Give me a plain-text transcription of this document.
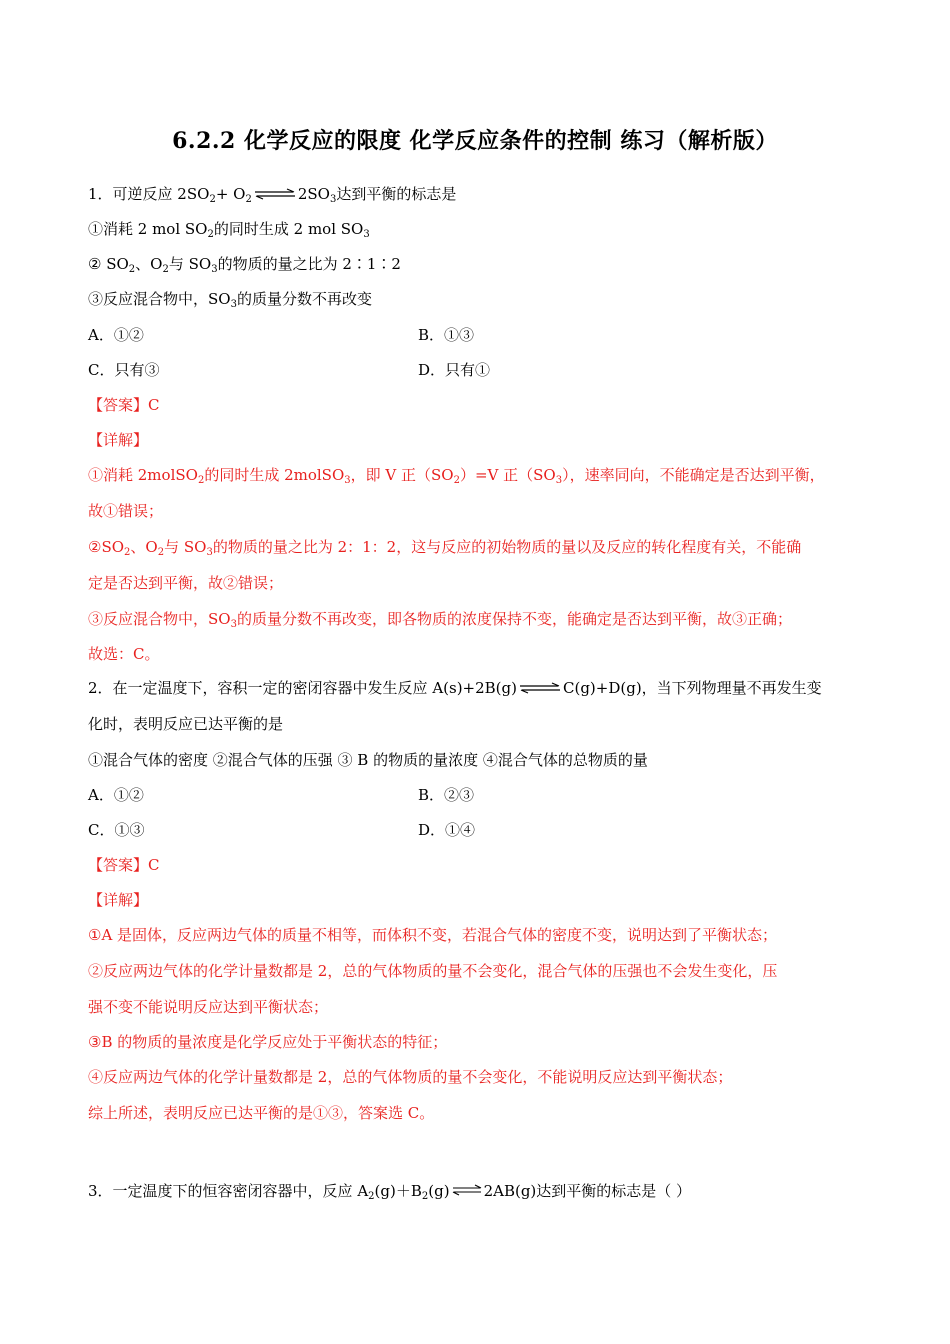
6.2.2 化学反应的限度 化学反应条件的控制 练习（解析版）
1．可逆反应 $2SO_2+$ $O_2\rightleftharpoons 2SO_3$达到平衡的标志是
①消耗 2 mol $SO_2$的同时生成 2 mol $SO_3$
② $SO_2$、$O_2$与 $SO_3$的物质的量之比为 2∶1∶2
③反应混合物中，$SO_3$的质量分数不再改变
A．①②	B．①③
C．只有③	D．只有①
【答案】C
【详解】
①消耗 2molSO$_2$的同时生成 2molSO$_3$，即 V 正$(SO_2)=V$ 正$(SO_3)$，速率同向，不能确定是否达到平衡，
故①错误；
$②SO_2$、$O_2$与 $SO_3$的物质的量之比为 2：1：2，这与反应的初始物质的量以及反应的转化程度有关，不能确
定是否达到平衡，故②错误；
③反应混合物中，$SO_3$的质量分数不再改变，即各物质的浓度保持不变，能确定是否达到平衡，故③正确；
故选：C。
2．在一定温度下，容积一定的密闭容器中发生反应 A(s)+2B(g)⇌C(g)+D(g)，当下列物理量不再发生变
化时，表明反应已达平衡的是
①混合气体的密度 ②混合气体的压强 ③ B 的物质的量浓度 ④混合气体的总物质的量
A．①②	B．②③
C．①③	D．①④
【答案】C
【详解】
①A 是固体，反应两边气体的质量不相等，而体积不变，若混合气体的密度不变，说明达到了平衡状态；
②反应两边气体的化学计量数都是 2，总的气体物质的量不会变化，混合气体的压强也不会发生变化，压
强不变不能说明反应达到平衡状态；
③B 的物质的量浓度是化学反应处于平衡状态的特征；
④反应两边气体的化学计量数都是 2，总的气体物质的量不会变化，不能说明反应达到平衡状态；
综上所述，表明反应已达平衡的是①③，答案选 C。
3．一定温度下的恒容密闭容器中，反应 $A_2(g)+B_2(g)\rightleftharpoons 2AB(g)$达到平衡的标志是（ ）
